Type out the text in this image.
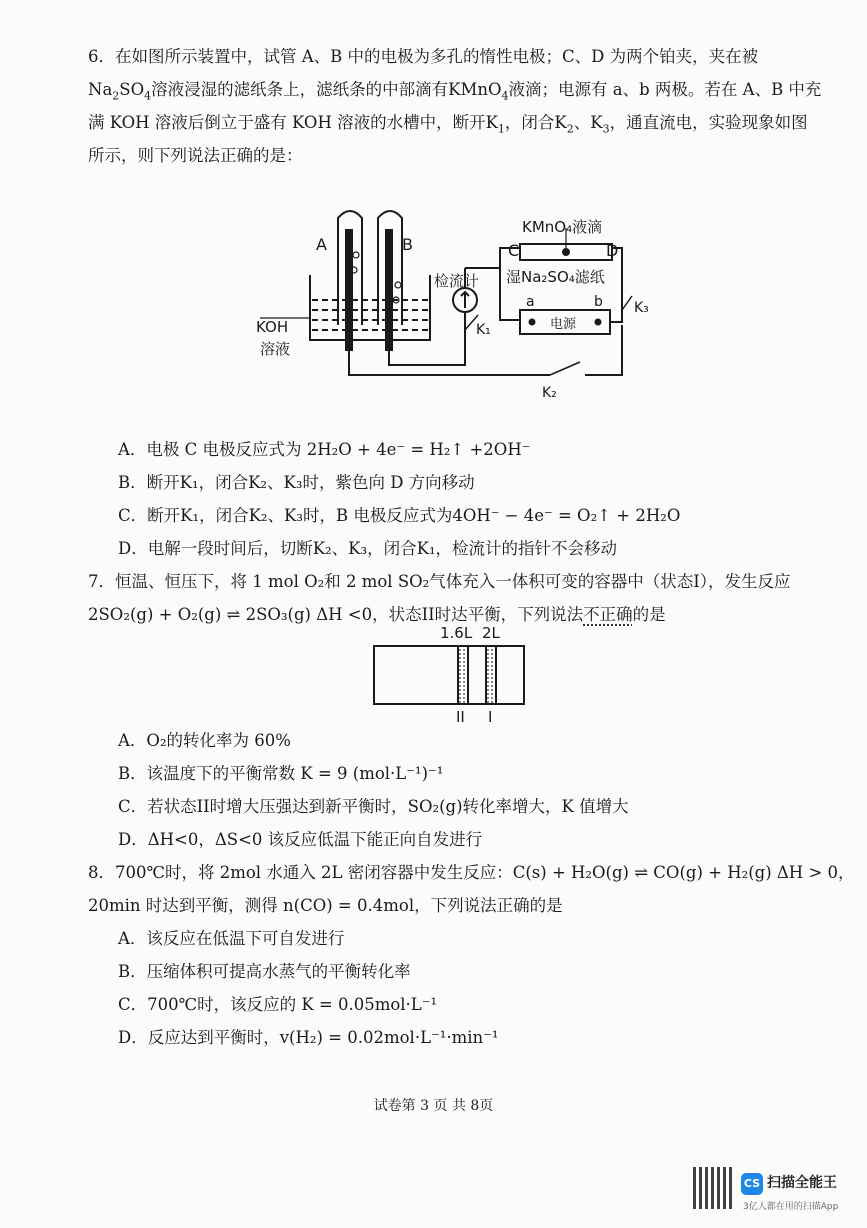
6．在如图所示装置中，试管 A、B 中的电极为多孔的惰性电极；C、D 为两个铂夹，夹在被
$Na_2SO_4$溶液浸湿的滤纸条上，滤纸条的中部滴有KMnO$_4$液滴；电源有 a、b 两极。若在 A、B 中充
满 KOH 溶液后倒立于盛有 KOH 溶液的水槽中，断开$K_1$，闭合$K_2$、$K_3$，通直流电，实验现象如图
所示，则下列说法正确的是：
A	B	C	D
KMnO₄液滴
湿Na₂SO₄滤纸
检流计
KOH
溶液
K₁
K₂
K₃
a	b
电源
A．电极 C 电极反应式为 2H₂O + 4e⁻ = H₂↑ +2OH⁻
B．断开K₁，闭合K₂、K₃时，紫色向 D 方向移动
C．断开K₁，闭合K₂、K₃时，B 电极反应式为4OH⁻ − 4e⁻ = O₂↑ + 2H₂O
D．电解一段时间后，切断K₂、K₃，闭合K₁，检流计的指针不会移动
7．恒温、恒压下，将 1 mol O₂和 2 mol SO₂气体充入一体积可变的容器中（状态I），发生反应
2SO₂(g) + O₂(g) ⇌ 2SO₃(g) ΔH <0，状态II时达平衡，下列说法不正确的是
1.6L 2L
II I
A．O₂的转化率为 60%
B．该温度下的平衡常数 K = 9 (mol·L⁻¹)⁻¹
C．若状态II时增大压强达到新平衡时，SO₂(g)转化率增大，K 值增大
D．ΔH<0，ΔS<0 该反应低温下能正向自发进行
8．700℃时，将 2mol 水通入 2L 密闭容器中发生反应：C(s) + H₂O(g) ⇌ CO(g) + H₂(g) ΔH > 0，
20min 时达到平衡，测得 n(CO) = 0.4mol，下列说法正确的是
A．该反应在低温下可自发进行
B．压缩体积可提高水蒸气的平衡转化率
C．700℃时，该反应的 K = 0.05mol·L⁻¹
D．反应达到平衡时，v(H₂) = 0.02mol·L⁻¹·min⁻¹
试卷第 3 页 共 8页
CS 扫描全能王
3亿人都在用的扫描App
